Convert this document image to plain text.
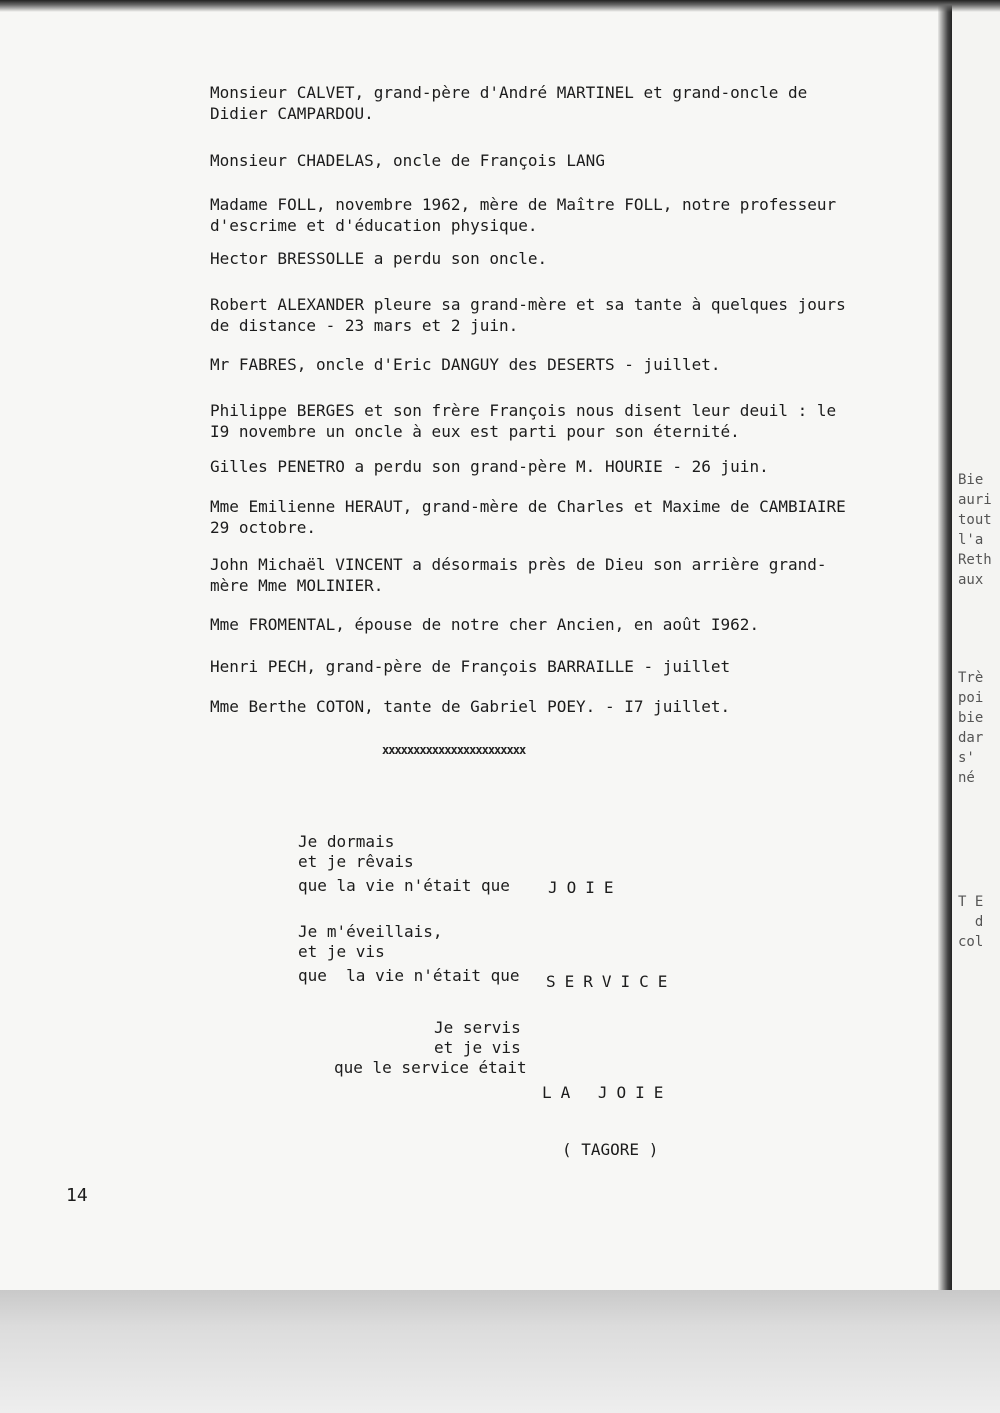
Monsieur CALVET, grand-père d'André MARTINEL et grand-oncle de
Didier CAMPARDOU.

Monsieur CHADELAS, oncle de François LANG

Madame FOLL, novembre 1962, mère de Maître FOLL, notre professeur
d'escrime et d'éducation physique.

Hector BRESSOLLE a perdu son oncle.

Robert ALEXANDER pleure sa grand-mère et sa tante à quelques jours
de distance - 23 mars et 2 juin.

Mr FABRES, oncle d'Eric DANGUY des DESERTS - juillet.

Philippe BERGES et son frère François nous disent leur deuil : le
I9 novembre un oncle à eux est parti pour son éternité.

Gilles PENETRO a perdu son grand-père M. HOURIE - 26 juin.

Mme Emilienne HERAUT, grand-mère de Charles et Maxime de CAMBIAIRE
29 octobre.

John Michaël VINCENT a désormais près de Dieu son arrière grand-
mère Mme MOLINIER.

Mme FROMENTAL, épouse de notre cher Ancien, en août I962.

Henri PECH, grand-père de François BARRAILLE - juillet

Mme Berthe COTON, tante de Gabriel POEY. - I7 juillet.

xxxxxxxxxxxxxxxxxxxxxxx
Je dormais
et je rêvais
que la vie n'était que JOIE
Je m'éveillais,
et je vis
que  la vie n'était que SERVICE
Je servis
et je vis
que le service était
LA JOIE
( TAGORE )
14
Bie
auri
tout
l'a
Reth
aux
Trè
poi
bie
dar
s'
né
T E
d
col
